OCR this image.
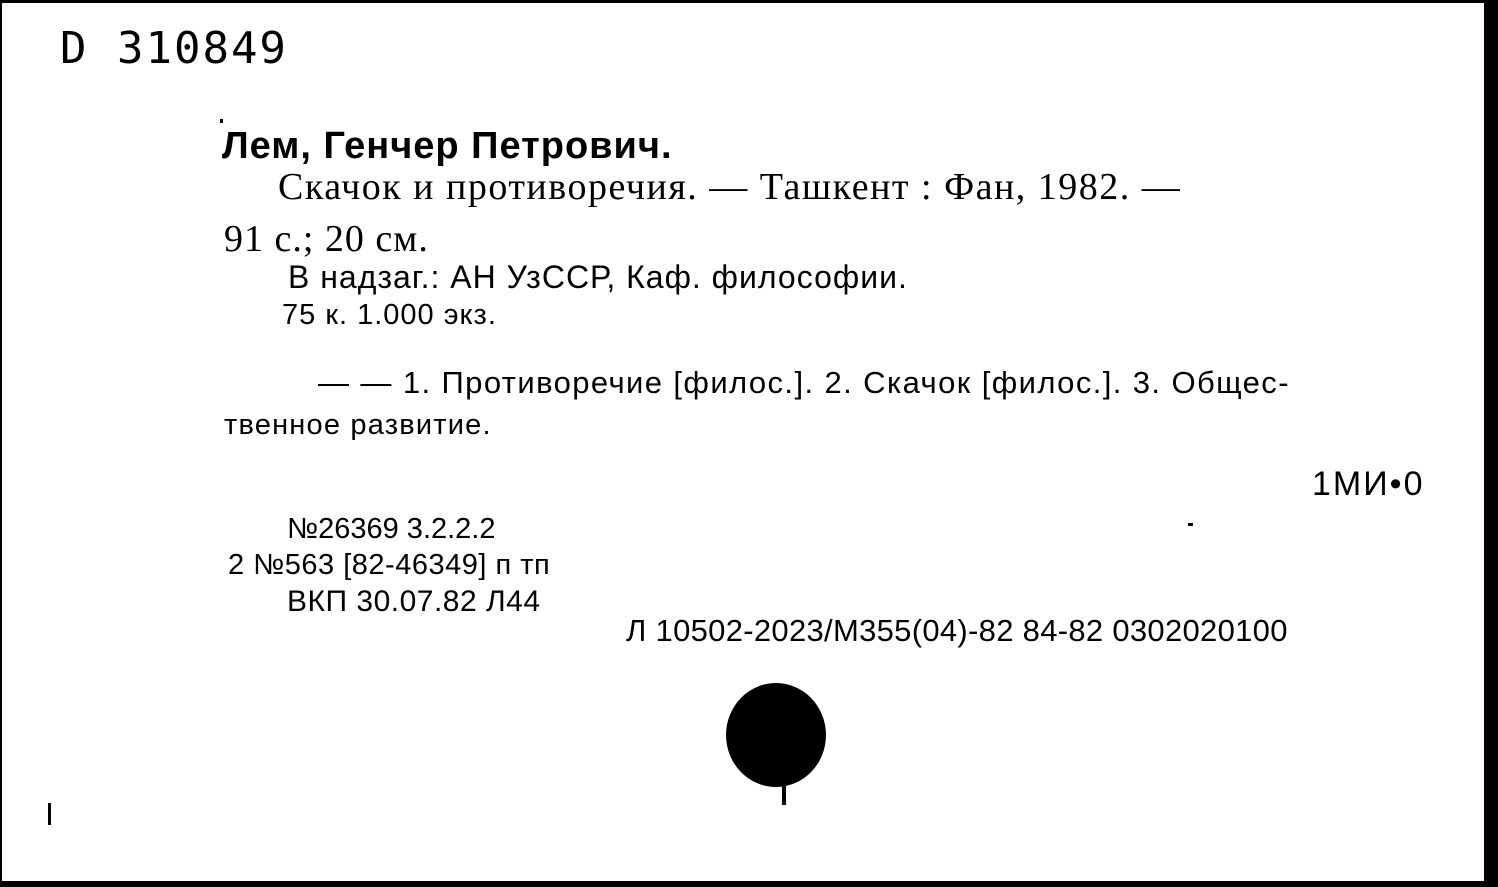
D 310849

Лем, Генчер Петрович.

Скачок и противоречия. — Ташкент : Фан, 1982. —

91 с.; 20 см.

В надзаг.: АН УзССР, Каф. философии.

75 к. 1.000 экз.

— — 1. Противоречие [филос.]. 2. Скачок [филос.]. 3. Общес-

твенное развитие.

1МИ•0

№26369 3.2.2.2

2 №563 [82-46349] п тп

ВКП 30.07.82 Л44

Л 10502-2023/М355(04)-82 84-82 0302020100
